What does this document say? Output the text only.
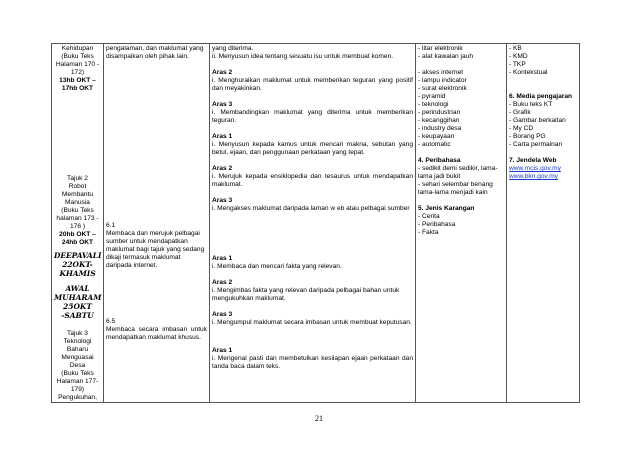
Kehidupan
(Buku Teks
Halaman 170 -
172)
13hb OKT –
17hb OKT
Tajuk 2
Robot
Membantu
Manusia
(Buku Teks
halaman 173 -
176 )
20hb OKT –
24hb OKT
DEEPAVALI
22OKT-
KHAMIS
AWAL
MUHARAM
25OKT
-SABTU
Tajuk 3
Teknologi
Baharu
Menguasai Desa
(Buku Teks
Halaman 177-
179)
Pengukuhan,

pengalaman, dan maklumat yang disampaikan oleh pihak lain.
6.1
Membaca dan merujuk pelbagai sumber untuk mendapatkan maklumat bagi tajuk yang sedang dikaji termasuk maklumat daripada internet.
6.5
Membaca secara imbasan untuk mendapatkan maklumat khusus.

yang diterima.
ii. Menyusun idea tentang sesuatu isu untuk membuat komen.
Aras 2
i. Menghuraikan maklumat untuk memberikan teguran yang positif dan meyakinkan.
Aras 3
i. Membandingkan maklumat yang diterima untuk memberikan teguran.
Aras 1
i. Menyusun kepada kamus untuk mencari makna, sebutan yang betul, ejaan, dan penggunaan perkataan yang tepat.
Aras 2
i. Merujuk kepada ensiklopedia dan tesaurus untuk mendapatkan maklumat.
Aras 3
i. Mengakses maklumat daripada laman w eb atau pelbagai sumber
Aras 1
i. Membaca dan mencari fakta yang relevan.
Aras 2
i. Mengimbas fakta yang relevan daripada pelbagai bahan untuk mengukuhkan maklumat.
Aras 3
i. Mengumpul maklumat secara imbasan untuk membuat keputusan.
Aras 1
i. Mengenal pasti dan membetulkan kesilapan ejaan perkataan dan tanda baca dalam teks.

- litar elektronik
- alat kawalan jauh
- akses internet
- lampu indicator
- surat elektronik
- pyramid
- teknologi
- perindustrian
- kecanggihan
- industry desa
- keupayaan
- automatic
4. Peribahasa
- sedikit demi sedikir, lama-lama jadi bukit
- sehari selembar benang lama-lama menjadi kain
5. Jenis Karangan
- Cerita
- Peribahasa
- Fakta

- KB
- KMD
- TKP
- Kontekstual
6. Media pengajaran
- Buku teks KT
- Grafik
- Gambar berkaitan
- My CD
- Borang PG
- Carta permainan
7. Jendela Web
www.mcis.gov.my
www.bkn.gov.my
21
